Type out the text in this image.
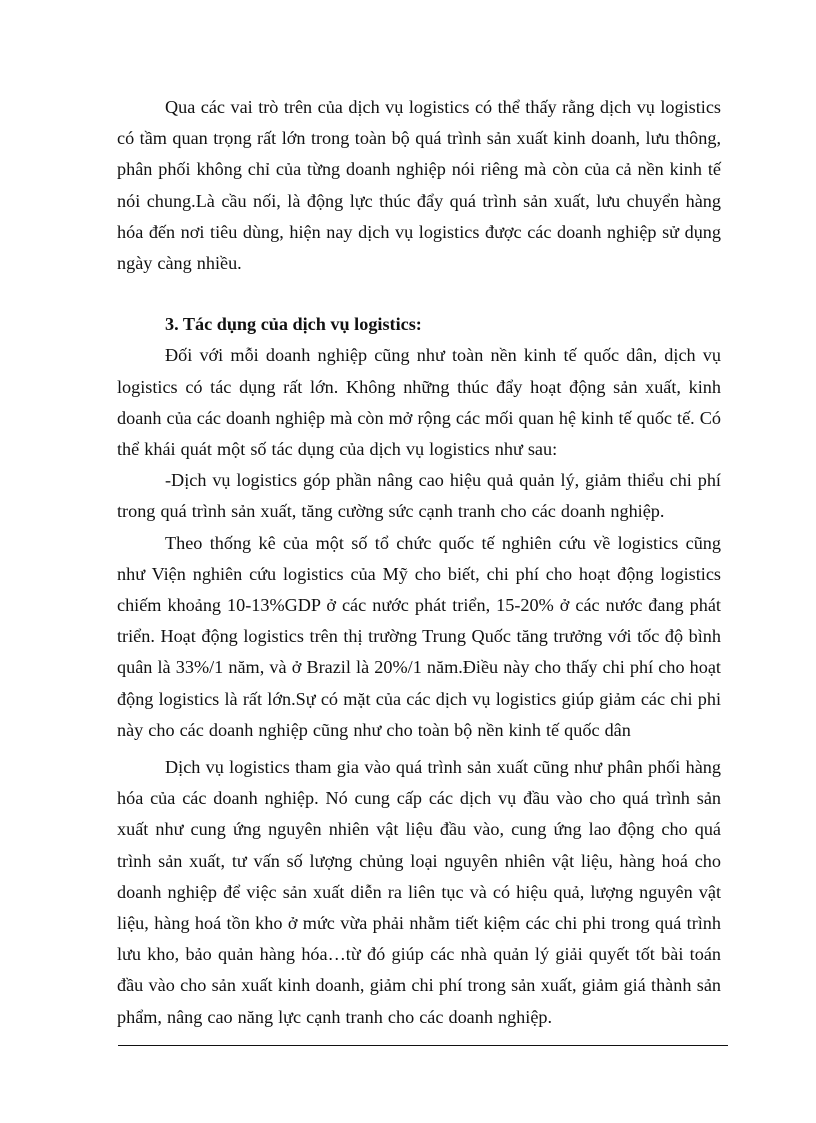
Qua các vai trò trên của dịch vụ logistics có thể thấy rằng dịch vụ logistics có tầm quan trọng rất lớn trong toàn bộ quá trình sản xuất kinh doanh, lưu thông, phân phối không chỉ của từng doanh nghiệp nói riêng mà còn của cả nền kinh tế nói chung.Là cầu nối, là động lực thúc đẩy quá trình sản xuất, lưu chuyển hàng hóa đến nơi tiêu dùng, hiện nay dịch vụ logistics được các doanh nghiệp sử dụng ngày càng nhiều.

3. Tác dụng của dịch vụ logistics:

Đối với mỗi doanh nghiệp cũng như toàn nền kinh tế quốc dân, dịch vụ logistics có tác dụng rất lớn. Không những thúc đẩy hoạt động sản xuất, kinh doanh của các doanh nghiệp mà còn mở rộng các mối quan hệ kinh tế quốc tế. Có thể khái quát một số tác dụng của dịch vụ logistics như sau:

-Dịch vụ logistics góp phần nâng cao hiệu quả quản lý, giảm thiểu chi phí trong quá trình sản xuất, tăng cường sức cạnh tranh cho các doanh nghiệp.

Theo thống kê của một số tổ chức quốc tế nghiên cứu về logistics cũng như Viện nghiên cứu logistics của Mỹ cho biết, chi phí cho hoạt động logistics chiếm khoảng 10-13%GDP ở các nước phát triển, 15-20% ở các nước đang phát triển. Hoạt động logistics trên thị trường Trung Quốc tăng trưởng với tốc độ bình quân là 33%/1 năm, và ở Brazil là 20%/1 năm.Điều này cho thấy chi phí cho hoạt động logistics là rất lớn.Sự có mặt của các dịch vụ logistics giúp giảm các chi phi này cho các doanh nghiệp cũng như cho toàn bộ nền kinh tế quốc dân

Dịch vụ logistics tham gia vào quá trình sản xuất cũng như phân phối hàng hóa của các doanh nghiệp. Nó cung cấp các dịch vụ đầu vào cho quá trình sản xuất như cung ứng nguyên nhiên vật liệu đầu vào, cung ứng lao động cho quá trình sản xuất, tư vấn số lượng chủng loại nguyên nhiên vật liệu, hàng hoá cho doanh nghiệp để việc sản xuất diễn ra liên tục và có hiệu quả, lượng nguyên vật liệu, hàng hoá tồn kho ở mức vừa phải nhằm tiết kiệm các chi phi trong quá trình lưu kho, bảo quản hàng hóa…từ đó giúp các nhà quản lý giải quyết tốt bài toán đầu vào cho sản xuất kinh doanh, giảm chi phí trong sản xuất, giảm giá thành sản phẩm, nâng cao năng lực cạnh tranh cho các doanh nghiệp.
